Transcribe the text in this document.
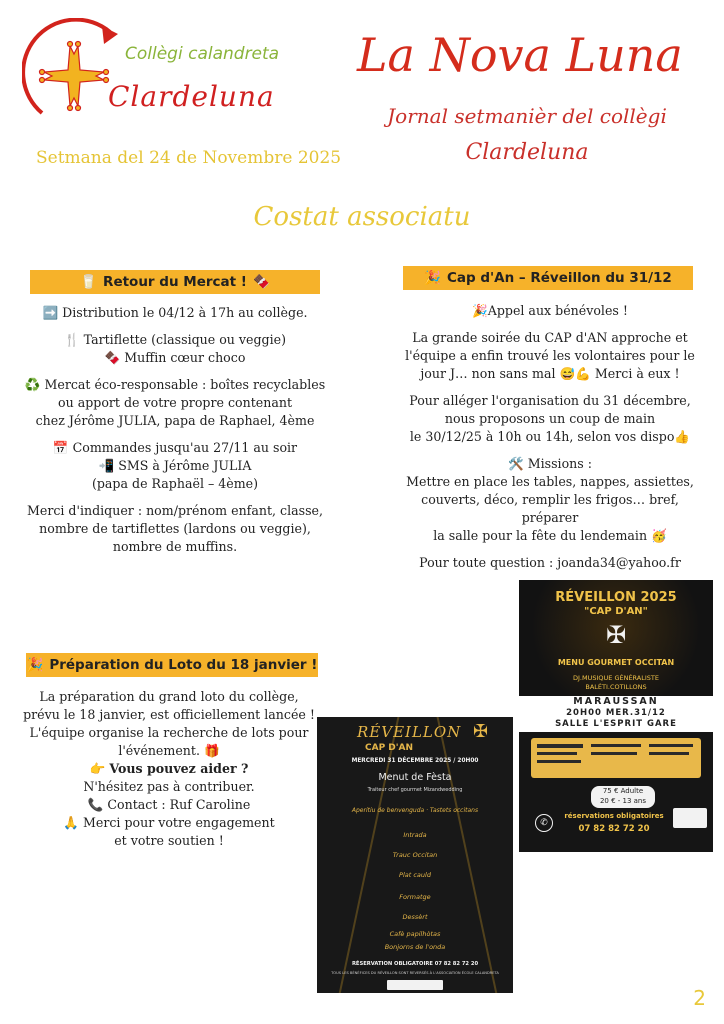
Collègi calandreta
Clardeluna
La Nova Luna
Jornal setmanièr del collègi
Clardeluna
Setmana del 24 de Novembre 2025
Costat associatu
🥛 Retour du Mercat ! 🍫

➡️ Distribution le 04/12 à 17h au collège.

🍴 Tartiflette (classique ou veggie)
🍫 Muffin cœur choco

♻️ Mercat éco-responsable : boîtes recyclables
ou apport de votre propre contenant
chez Jérôme JULIA, papa de Raphael, 4ème

📅 Commandes jusqu'au 27/11 au soir
📲 SMS à Jérôme JULIA
(papa de Raphaël – 4ème)

Merci d'indiquer : nom/prénom enfant, classe,
nombre de tartiflettes (lardons ou veggie),
nombre de muffins.

🎉 Préparation du Loto du 18 janvier !
La préparation du grand loto du collège,
prévu le 18 janvier, est officiellement lancée !
L'équipe organise la recherche de lots pour
l'événement. 🎁
👉 Vous pouvez aider ?
N'hésitez pas à contribuer.
📞 Contact : Ruf Caroline
🙏 Merci pour votre engagement
et votre soutien !
🎉 Cap d'An – Réveillon du 31/12

🎉Appel aux bénévoles !

La grande soirée du CAP d'AN approche et
l'équipe a enfin trouvé les volontaires pour le
jour J… non sans mal 😅💪 Merci à eux !

Pour alléger l'organisation du 31 décembre,
nous proposons un coup de main
le 30/12/25 à 10h ou 14h, selon vos dispo👍

🛠️ Missions :
Mettre en place les tables, nappes, assiettes,
couverts, déco, remplir les frigos… bref, préparer
la salle pour la fête du lendemain 🥳

Pour toute question : joanda34@yahoo.fr

RÉVEILLON 2025
"CAP D'AN"
✠
MENU GOURMET OCCITAN
DJ.MUSIQUE GÉNÉRALISTE
BALÉTI.COTILLONS
MARAUSSAN
20H00 MER.31/12
SALLE L'ESPRIT GARE
75 € Adulte
20 € - 13 ans
✆
réservations obligatoires
07 82 82 72 20
RÉVEILLON ✠
CAP D'AN
MERCREDI 31 DÉCEMBRE 2025 / 20H00
Menut de Fèsta
Traiteur chef gourmet Mizandwedding
Aperitiu de benvenguda · Tastets occitans
Intrada
Trauc Occitan
Plat cauld
Formatge
Dessèrt
Cafè papilhòtas
Bonjorns de l'onda
RÉSERVATION OBLIGATOIRE 07 82 82 72 20
TOUS LES BÉNÉFICES DU RÉVEILLON SONT REVERSÉS À L'ASSOCIATION ÉCOLE CALANDRETA
2
